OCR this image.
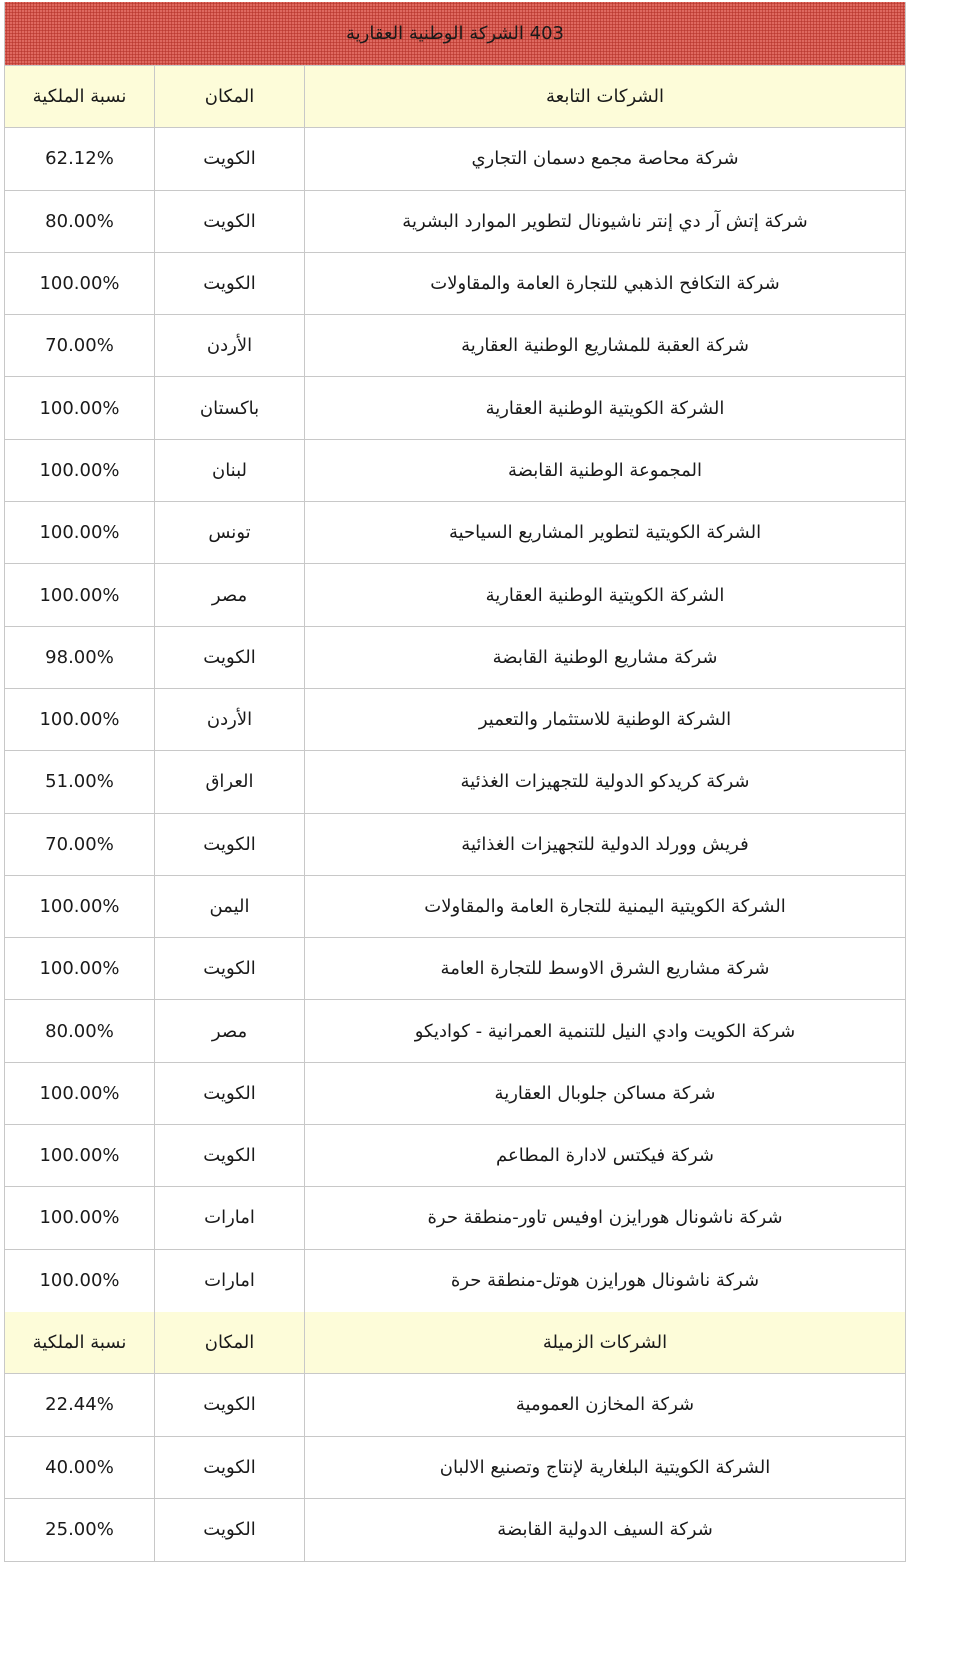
403 الشركة الوطنية العقارية
الشركات التابعة
المكان
نسبة الملكية
شركة محاصة مجمع دسمان التجاري
الكويت
62.12%
شركة إتش آر دي إنتر ناشيونال لتطوير الموارد البشرية
الكويت
80.00%
شركة التكافح الذهبي للتجارة العامة والمقاولات
الكويت
100.00%
شركة العقبة للمشاريع الوطنية العقارية
الأردن
70.00%
الشركة الكويتية الوطنية العقارية
باكستان
100.00%
المجموعة الوطنية القابضة
لبنان
100.00%
الشركة الكويتية لتطوير المشاريع السياحية
تونس
100.00%
الشركة الكويتية الوطنية العقارية
مصر
100.00%
شركة مشاريع الوطنية القابضة
الكويت
98.00%
الشركة الوطنية للاستثمار والتعمير
الأردن
100.00%
شركة كريدكو الدولية للتجهيزات الغذئية
العراق
51.00%
فريش وورلد الدولية للتجهيزات الغذائية
الكويت
70.00%
الشركة الكويتية اليمنية للتجارة العامة والمقاولات
اليمن
100.00%
شركة مشاريع الشرق الاوسط للتجارة العامة
الكويت
100.00%
شركة الكويت وادي النيل للتنمية العمرانية - كواديكو
مصر
80.00%
شركة مساكن جلوبال العقارية
الكويت
100.00%
شركة فيكتس لادارة المطاعم
الكويت
100.00%
شركة ناشونال هورايزن اوفيس تاور-منطقة حرة
امارات
100.00%
شركة ناشونال هورايزن هوتل-منطقة حرة
امارات
100.00%
الشركات الزميلة
المكان
نسبة الملكية
شركة المخازن العمومية
الكويت
22.44%
الشركة الكويتية البلغارية لإنتاج وتصنيع الالبان
الكويت
40.00%
شركة السيف الدولية القابضة
الكويت
25.00%
